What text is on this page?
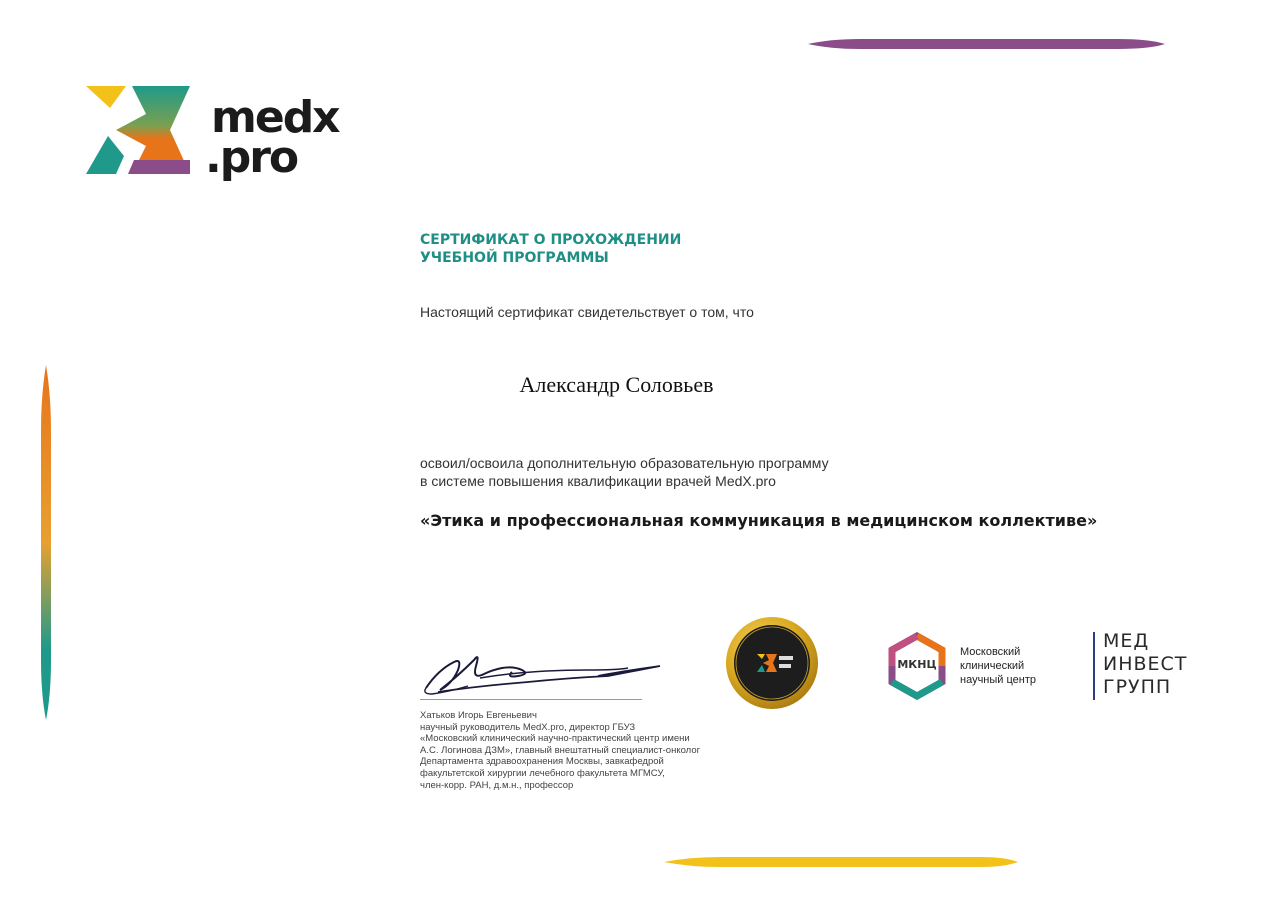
medx
.pro
СЕРТИФИКАТ О ПРОХОЖДЕНИИ
УЧЕБНОЙ ПРОГРАММЫ
Настоящий сертификат свидетельствует о том, что
Александр Соловьев
освоил/освоила дополнительную образовательную программу
в системе повышения квалификации врачей MedX.pro
«Этика и профессиональная коммуникация в медицинском коллективе»
Хатьков Игорь Евгеньевич
научный руководитель MedX.pro, директор ГБУЗ
«Московский клинический научно-практический центр имени
А.С. Логинова ДЗМ», главный внештатный специалист-онколог
Департамента здравоохранения Москвы, завкафедрой
факультетской хирургии лечебного факультета МГМСУ,
член-корр. РАН, д.м.н., профессор
МКНЦ
Московский
клинический
научный центр
МЕД
ИНВЕСТ
ГРУПП
